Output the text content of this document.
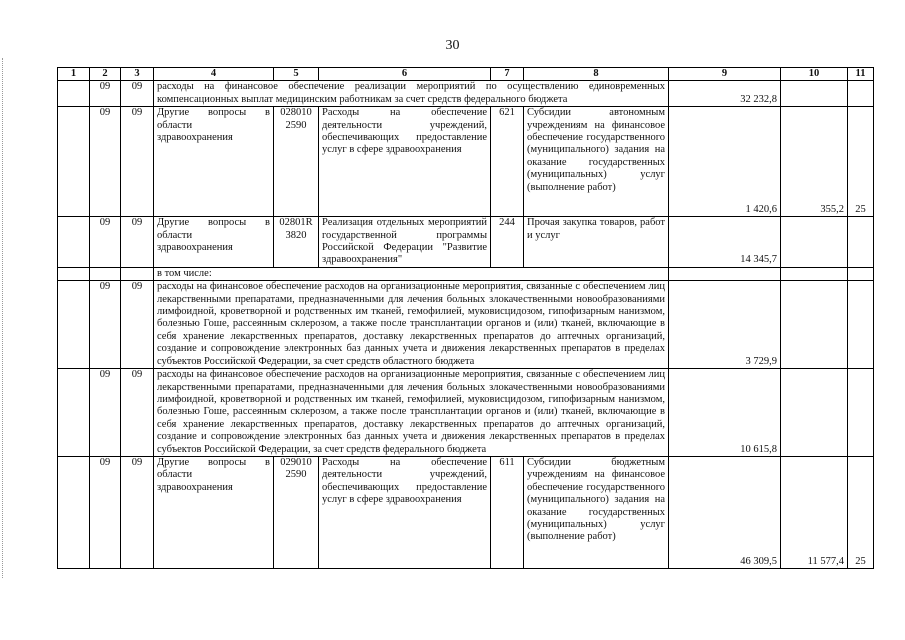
30
1	2	3	4	5	6	7	8	9	10	11
	09	09	расходы на финансовое обеспечение реализации мероприятий по осуществлению единовременных компенсационных выплат медицинским работникам за счет средств федерального бюджета					32 232,8		
	09	09	Другие вопросы в области здравоохранения	028010 2590	Расходы на обеспечение деятельности учреждений, обеспечивающих предоставление услуг в сфере здравоохранения	621	Субсидии автономным учреждениям на финансовое обеспечение государственного (муниципального) задания на оказание государственных (муниципальных) услуг (выполнение работ)	1 420,6	355,2	25
	09	09	Другие вопросы в области здравоохранения	02801R 3820	Реализация отдельных мероприятий государственной программы Российской Федерации "Развитие здравоохранения"	244	Прочая закупка товаров, работ и услуг	14 345,7		
			в том числе:							
	09	09	расходы на финансовое обеспечение расходов на организационные мероприятия, связанные с обеспечением лиц лекарственными препаратами, предназначенными для лечения больных злокачественными новообразованиями лимфоидной, кроветворной и родственных им тканей, гемофилией, муковисцидозом, гипофизарным нанизмом, болезнью Гоше, рассеянным склерозом, а также после трансплантации органов и (или) тканей, включающие в себя хранение лекарственных препаратов, доставку лекарственных препаратов до аптечных организаций, создание и сопровождение электронных баз данных учета и движения лекарственных препаратов в пределах субъектов Российской Федерации, за счет средств областного бюджета					3 729,9		
	09	09	расходы на финансовое обеспечение расходов на организационные мероприятия, связанные с обеспечением лиц лекарственными препаратами, предназначенными для лечения больных злокачественными новообразованиями лимфоидной, кроветворной и родственных им тканей, гемофилией, муковисцидозом, гипофизарным нанизмом, болезнью Гоше, рассеянным склерозом, а также после трансплантации органов и (или) тканей, включающие в себя хранение лекарственных препаратов, доставку лекарственных препаратов до аптечных организаций, создание и сопровождение электронных баз данных учета и движения лекарственных препаратов в пределах субъектов Российской Федерации, за счет средств федерального бюджета					10 615,8		
	09	09	Другие вопросы в области здравоохранения	029010 2590	Расходы на обеспечение деятельности учреждений, обеспечивающих предоставление услуг в сфере здравоохранения	611	Субсидии бюджетным учреждениям на финансовое обеспечение государственного (муниципального) задания на оказание государственных (муниципальных) услуг (выполнение работ)	46 309,5	11 577,4	25
